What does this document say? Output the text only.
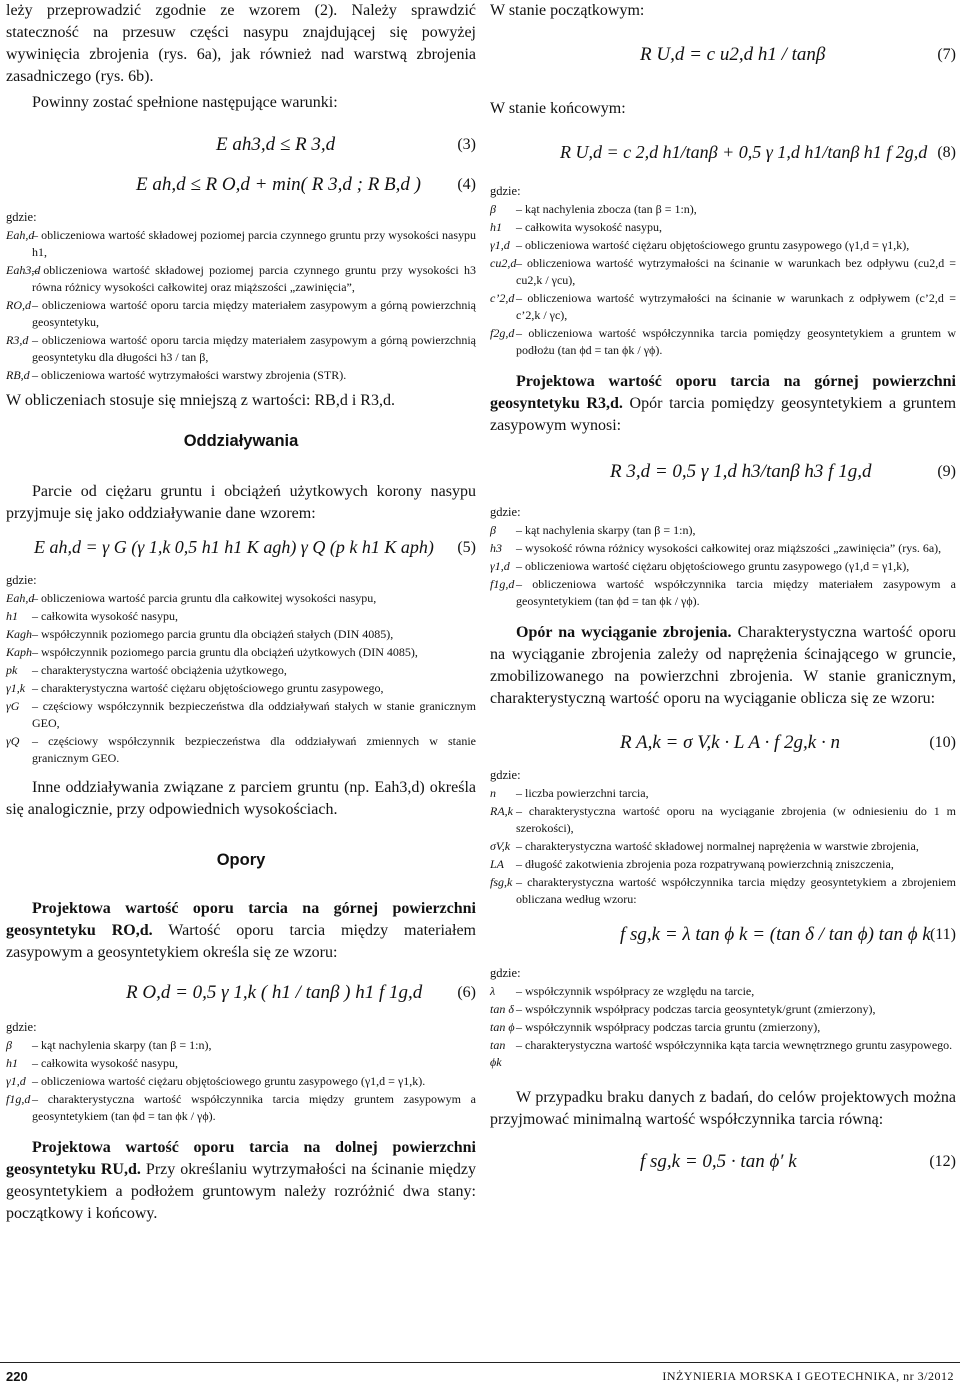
leży przeprowadzić zgodnie ze wzorem (2). Należy sprawdzić stateczność na przesuw części nasypu znajdującej się powyżej wywinięcia zbrojenia (rys. 6a), jak również nad warstwą zbrojenia zasadniczego (rys. 6b).

Powinny zostać spełnione następujące warunki:

E ah3,d ≤ R 3,d	(3)
E ah,d ≤ R O,d + min( R 3,d ; R B,d ) (4)
gdzie:
Eah,d – obliczeniowa wartość składowej poziomej parcia czynnego gruntu przy wysokości nasypu h1,
Eah3,d – obliczeniowa wartość składowej poziomej parcia czynnego gruntu przy wysokości h3 równa różnicy wysokości całkowitej oraz miąższości „zawinięcia”,
RO,d – obliczeniowa wartość oporu tarcia między materiałem zasypowym a górną powierzchnią geosyntetyku,
R3,d	– obliczeniowa wartość oporu tarcia między materiałem zasypowym a górną powierzchnią geosyntetyku dla długości h3 / tan β,
RB,d – obliczeniowa wartość wytrzymałości warstwy zbrojenia (STR).

W obliczeniach stosuje się mniejszą z wartości: RB,d i R3,d.

Oddziaływania

Parcie od ciężaru gruntu i obciążeń użytkowych korony nasypu przyjmuje się jako oddziaływanie dane wzorem:

E ah,d = γ G (γ 1,k 0,5 h1 h1 K agh) γ Q (p k h1 K aph) (5)
gdzie:
Eah,d – obliczeniowa wartość parcia gruntu dla całkowitej wysokości nasypu,
h1	– całkowita wysokość nasypu,
Kagh – współczynnik poziomego parcia gruntu dla obciążeń stałych (DIN 4085),
Kaph – współczynnik poziomego parcia gruntu dla obciążeń użytkowych (DIN 4085),
pk	– charakterystyczna wartość obciążenia użytkowego,
γ1,k	– charakterystyczna wartość ciężaru objętościowego gruntu zasypowego,
γG	– częściowy współczynnik bezpieczeństwa dla oddziaływań stałych w stanie granicznym GEO,
γQ	– częściowy współczynnik bezpieczeństwa dla oddziaływań zmiennych w stanie granicznym GEO.

Inne oddziaływania związane z parciem gruntu (np. Eah3,d) określa się analogicznie, przy odpowiednich wysokościach.

Opory

Projektowa wartość oporu tarcia na górnej powierzchni geosyntetyku RO,d. Wartość oporu tarcia między materiałem zasypowym a geosyntetykiem określa się ze wzoru:

R O,d = 0,5 γ 1,k ( h1 / tanβ ) h1 f 1g,d (6)
gdzie:
β	– kąt nachylenia skarpy (tan β = 1:n),
h1	– całkowita wysokość nasypu,
γ1,d	– obliczeniowa wartość ciężaru objętościowego gruntu zasypowego (γ1,d = γ1,k).
f1g,d	– charakterystyczna wartość współczynnika tarcia między gruntem zasypowym a geosyntetykiem (tan ϕd = tan ϕk / γϕ).

Projektowa wartość oporu tarcia na dolnej powierzchni geosyntetyku RU,d. Przy określaniu wytrzymałości na ścinanie między geosyntetykiem a podłożem gruntowym należy rozróżnić dwa stany: początkowy i końcowy.

W stanie początkowym:

R U,d = c u2,d h1 / tanβ	(7)

W stanie końcowym:

R U,d = c 2,d h1/tanβ + 0,5 γ 1,d h1/tanβ h1 f 2g,d (8)
gdzie:
β	– kąt nachylenia zbocza (tan β = 1:n),
h1	– całkowita wysokość nasypu,
γ1,d	– obliczeniowa wartość ciężaru objętościowego gruntu zasypowego (γ1,d = γ1,k),
cu2,d – obliczeniowa wartość wytrzymałości na ścinanie w warunkach bez odpływu (cu2,d = cu2,k / γcu),
c’2,d	– obliczeniowa wartość wytrzymałości na ścinanie w warunkach z odpływem (c’2,d = c’2,k / γc),
f2g,d	– obliczeniowa wartość współczynnika tarcia pomiędzy geosyntetykiem a gruntem w podłożu (tan ϕd = tan ϕk / γϕ).

Projektowa wartość oporu tarcia na górnej powierzchni geosyntetyku R3,d. Opór tarcia pomiędzy geosyntetykiem a gruntem zasypowym wynosi:

R 3,d = 0,5 γ 1,d h3/tanβ h3 f 1g,d	(9)
gdzie:
β	– kąt nachylenia skarpy (tan β = 1:n),
h3	– wysokość równa różnicy wysokości całkowitej oraz miąższości „zawinięcia” (rys. 6a),
γ1,d	– obliczeniowa wartość ciężaru objętościowego gruntu zasypowego (γ1,d = γ1,k),
f1g,d	– obliczeniowa wartość współczynnika tarcia między materiałem zasypowym a geosyntetykiem (tan ϕd = tan ϕk / γϕ).

Opór na wyciąganie zbrojenia. Charakterystyczna wartość oporu na wyciąganie zbrojenia zależy od naprężenia ścinającego w gruncie, zmobilizowanego na powierzchni zbrojenia. W stanie granicznym, charakterystyczną wartość oporu na wyciąganie oblicza się ze wzoru:

R A,k = σ V,k · L A · f 2g,k · n	(10)
gdzie:
n	– liczba powierzchni tarcia,
RA,k	– charakterystyczna wartość oporu na wyciąganie zbrojenia (w odniesieniu do 1 m szerokości),
σV,k	– charakterystyczna wartość składowej normalnej naprężenia w warstwie zbrojenia,
LA	– długość zakotwienia zbrojenia poza rozpatrywaną powierzchnią zniszczenia,
fsg,k	– charakterystyczna wartość współczynnika tarcia między geosyntetykiem a zbrojeniem obliczana według wzoru:
f sg,k = λ tan ϕ k = (tan δ / tan ϕ) tan ϕ k (11)
gdzie:
λ	– współczynnik współpracy ze względu na tarcie,
tan δ – współczynnik współpracy podczas tarcia geosyntetyk/grunt (zmierzony),
tan ϕ – współczynnik współpracy podczas tarcia gruntu (zmierzony),
tan ϕk
– charakterystyczna wartość współczynnika kąta tarcia wewnętrznego gruntu zasypowego.

W przypadku braku danych z badań, do celów projektowych można przyjmować minimalną wartość współczynnika tarcia równą:

f sg,k = 0,5 · tan ϕ′ k	(12)
220	INŻYNIERIA MORSKA I GEOTECHNIKA, nr 3/2012
